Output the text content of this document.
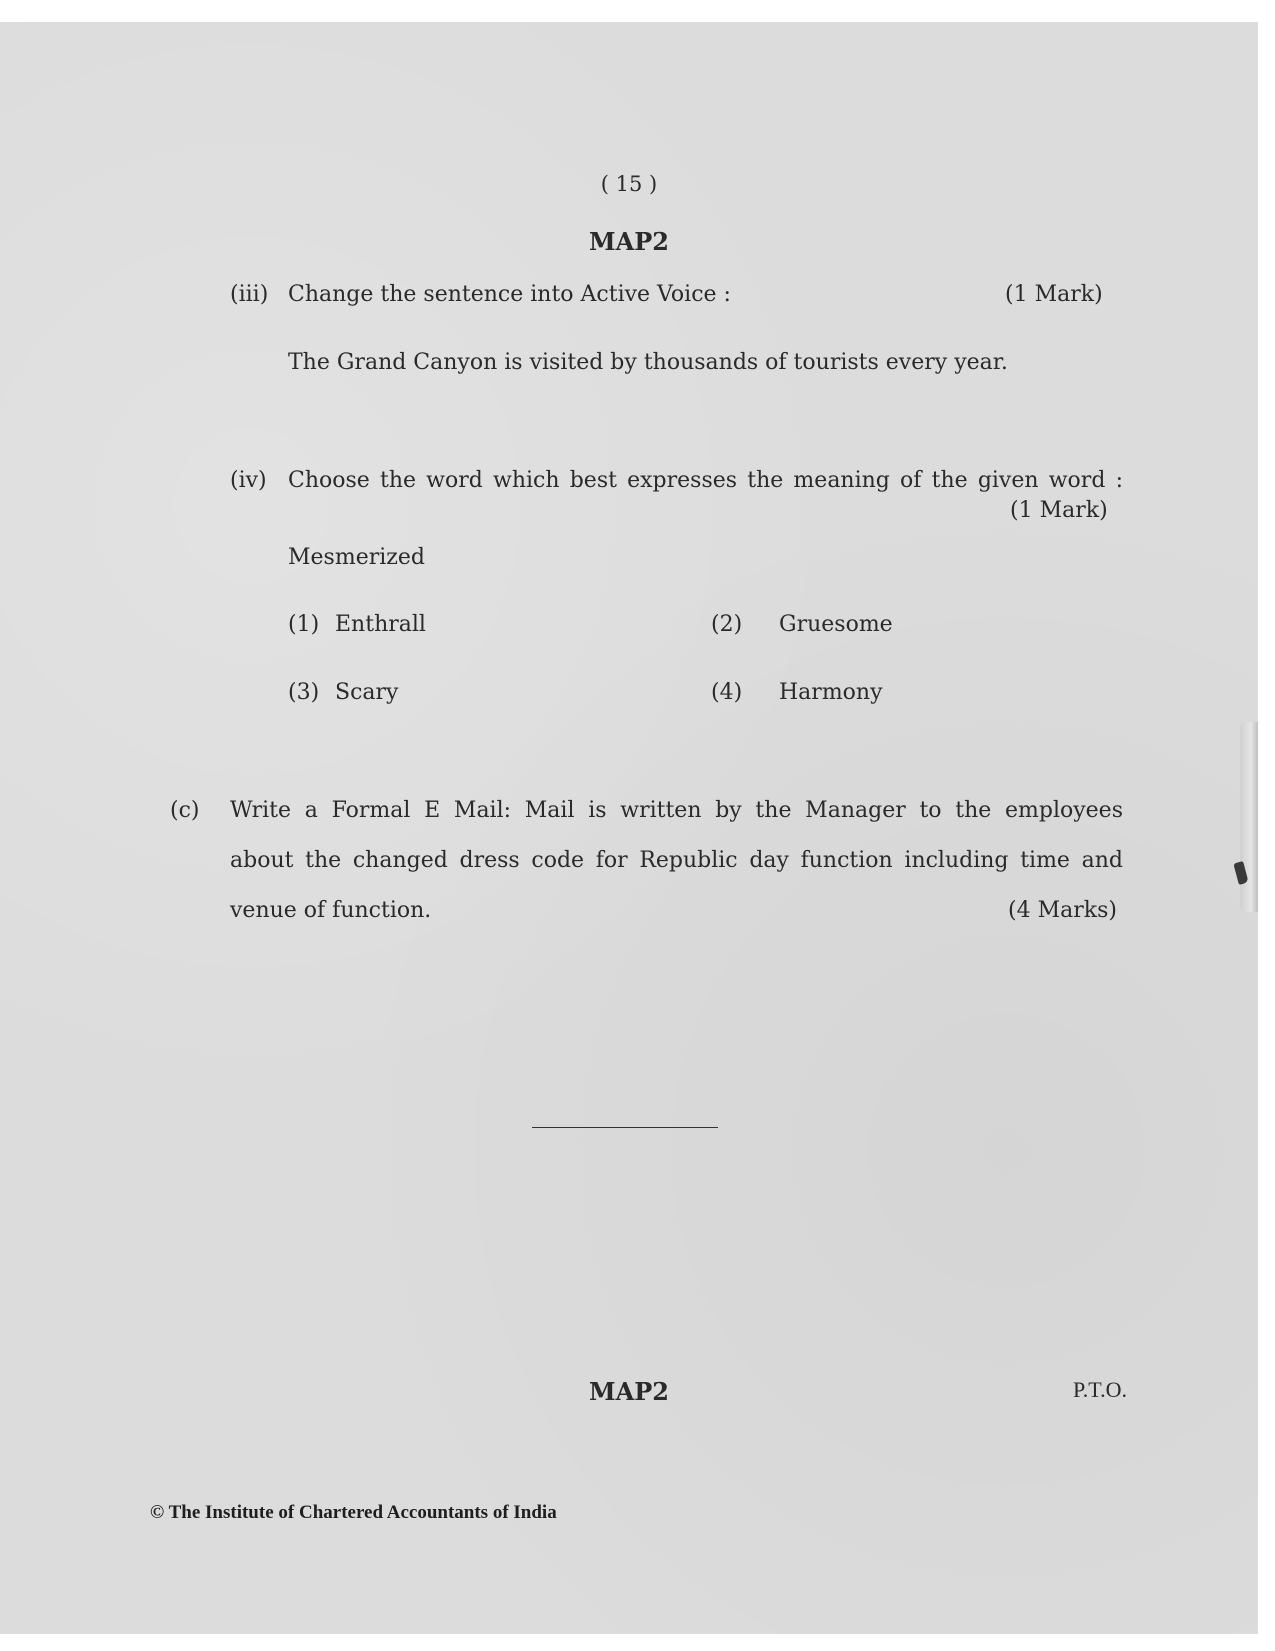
( 15 )
MAP2
(iii) Change the sentence into Active Voice :	(1 Mark)
The Grand Canyon is visited by thousands of tourists every year.
(iv) Choose the word which best expresses the meaning of the given word :
(1 Mark)
Mesmerized
(1) Enthrall	(2) Gruesome
(3) Scary	(4) Harmony
(c) Write a Formal E Mail: Mail is written by the Manager to the employees
about the changed dress code for Republic day function including time and
venue of function.	(4 Marks)
MAP2	P.T.O.
© The Institute of Chartered Accountants of India
